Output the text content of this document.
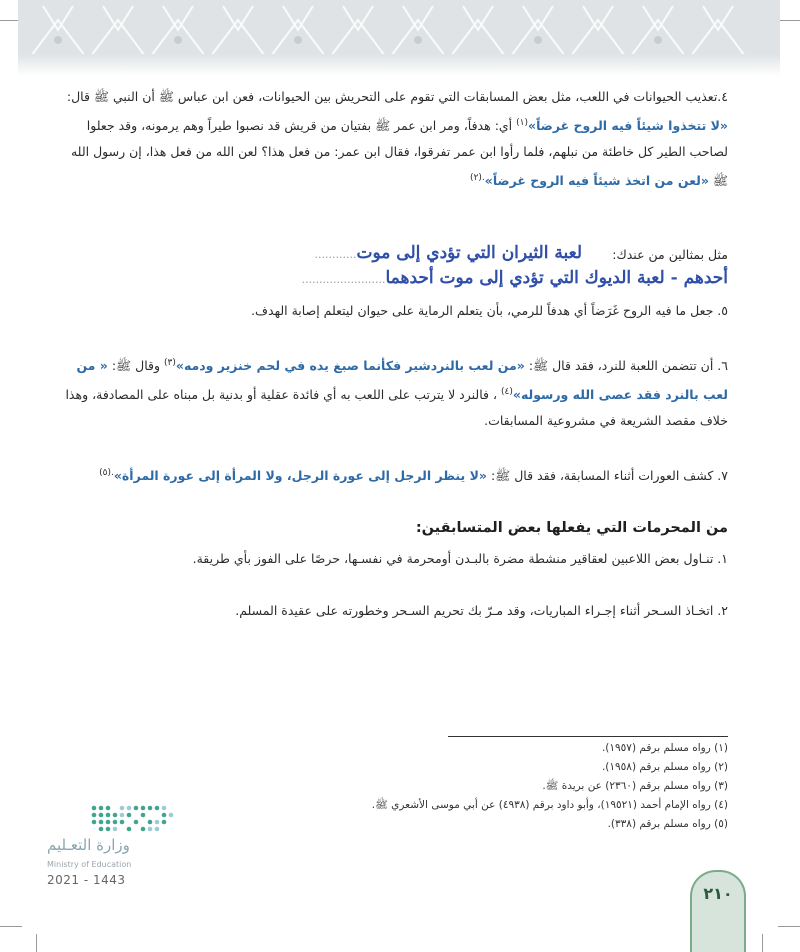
٤.تعذيب الحيوانات في اللعب، مثل بعض المسابقات التي تقوم على التحريش بين الحيوانات، فعن ابن عباس ﷺ أن النبي ﷺ قال: «لا تتخذوا شيئاً فيه الروح غرضاً»$^{(١)}$ أي: هدفاً، ومر ابن عمر ﷺ بفتيان من قريش قد نصبوا طيراً وهم يرمونه، وقد جعلوا لصاحب الطير كل خاطئة من نبلهم، فلما رأوا ابن عمر تفرقوا، فقال ابن عمر: من فعل هذا؟ لعن الله من فعل هذا، إن رسول الله ﷺ «لعن من اتخذ شيئاً فيه الروح غرضاً»$^{.(٢)}$
مثل بمثالين من عندك:
لعبة الثيران التي تؤدي إلى موت............
أحدهم - لعبة الديوك التي تؤدي إلى موت أحدهما........................
٥. جعل ما فيه الروح غَرَضاً أي هدفاً للرمي، بأن يتعلم الرماية على حيوان ليتعلم إصابة الهدف.
٦. أن تتضمن اللعبة للنرد، فقد قال ﷺ: «من لعب بالنردشير فكأنما صبغ يده في لحم خنزير ودمه»$^{(٣)}$ وقال ﷺ: « من لعب بالنرد فقد عصى الله ورسوله»$^{(٤)}$ ، فالنرد لا يترتب على اللعب به أي فائدة عقلية أو بدنية بل مبناه على المصادفة، وهذا خلاف مقصد الشريعة في مشروعية المسابقات.
٧. كشف العورات أثناء المسابقة، فقد قال ﷺ: «لا ينظر الرجل إلى عورة الرجل، ولا المرأة إلى عورة المرأة»$^{.(٥)}$
من المحرمات التي يفعلها بعض المتسابقين:
١. تنـاول بعض اللاعبين لعقاقير منشطة مضرة بالبـدن أومحرمة في نفسـها، حرصًا على الفوز بأي طريقة.
٢. اتخـاذ السـحر أثناء إجـراء المباريات، وقد مـرّ بك تحريم السـحر وخطورته على عقيدة المسلم.
(١) رواه مسلم برقم (١٩٥٧).
(٢) رواه مسلم برقم (١٩٥٨).
(٣) رواه مسلم برقم (٢٣٦٠) عن بريدة ﷺ.
(٤) رواه الإمام أحمد (١٩٥٢١)، وأبو داود برقم (٤٩٣٨) عن أبي موسى الأشعري ﷺ.
(٥) رواه مسلم برقم (٣٣٨).
وزارة التعـليم
Ministry of Education
2021 - 1443
٢١٠
